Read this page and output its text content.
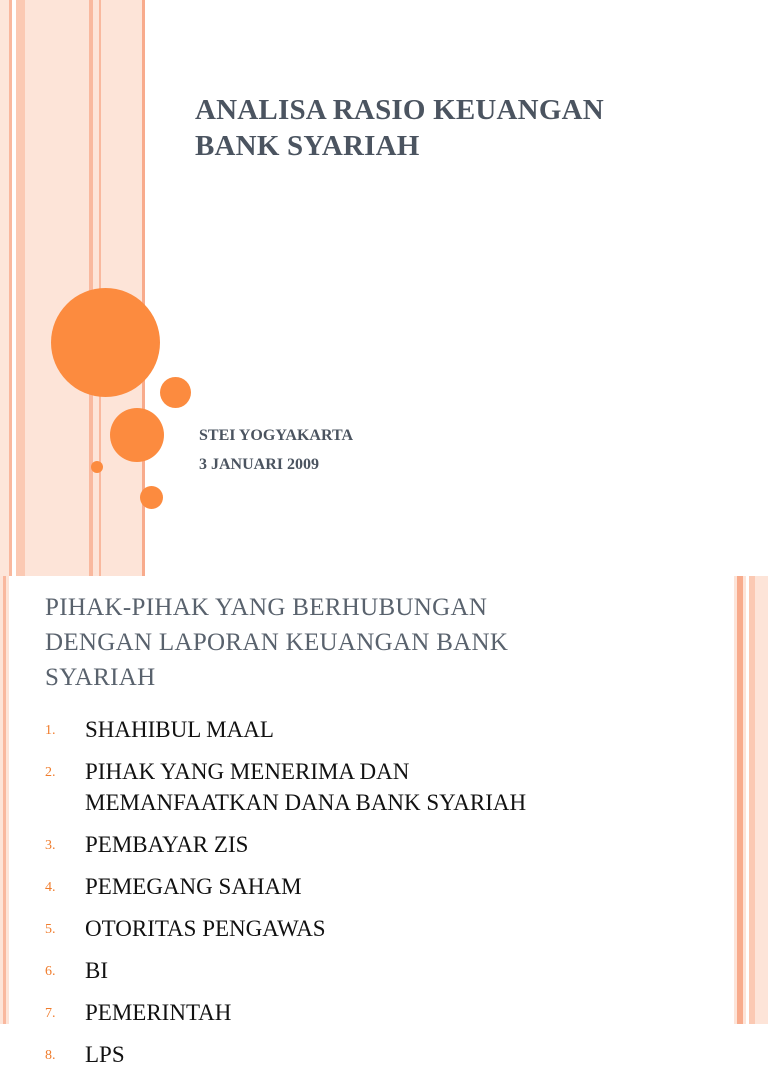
ANALISA RASIO KEUANGAN
BANK SYARIAH

STEI YOGYAKARTA

3 JANUARI 2009

PIHAK-PIHAK YANG BERHUBUNGAN
DENGAN LAPORAN KEUANGAN BANK
SYARIAH
1. SHAHIBUL MAAL
2. PIHAK YANG MENERIMA DAN
MEMANFAATKAN DANA BANK SYARIAH
3. PEMBAYAR ZIS
4. PEMEGANG SAHAM
5. OTORITAS PENGAWAS
6. BI
7. PEMERINTAH
8. LPS
